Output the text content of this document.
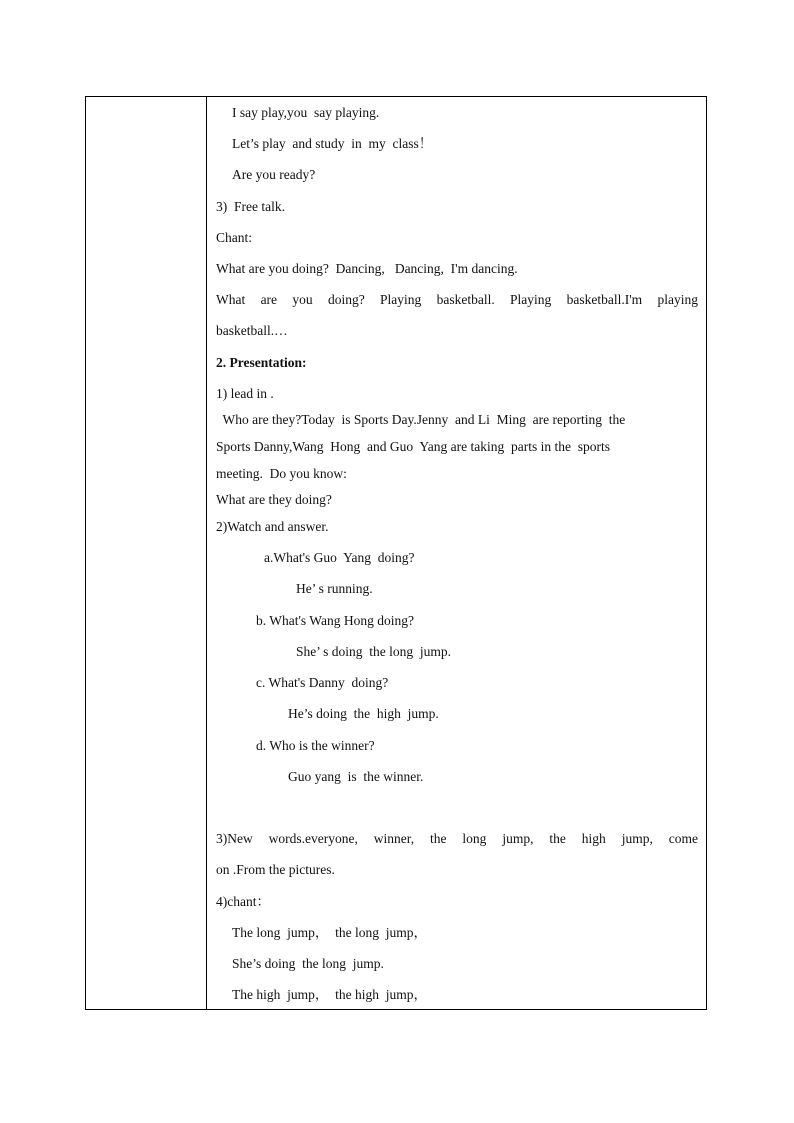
I say play,you  say playing.
Let’s play  and study  in  my  class！
Are you ready?
3)  Free talk.
Chant:
What are you doing?  Dancing,   Dancing,  I'm dancing.
What are you doing? Playing basketball. Playing basketball.I'm playing
basketball.…
2. Presentation:
1) lead in .
Who are they?Today  is Sports Day.Jenny  and Li  Ming  are reporting  the
Sports Danny,Wang  Hong  and Guo  Yang are taking  parts in the  sports
meeting.  Do you know:
What are they doing?
2)Watch and answer.
a.What's Guo  Yang  doing?
He’ s running.
b. What's Wang Hong doing?
She’ s doing  the long  jump.
c. What's Danny  doing?
He’s doing  the  high  jump.
d. Who is the winner?
Guo yang  is  the winner.
3)New words.everyone, winner, the long jump, the high jump, come
on .From the pictures.
4)chant：
The long  jump，  the long  jump，
She’s doing  the long  jump.
The high  jump，  the high  jump，
